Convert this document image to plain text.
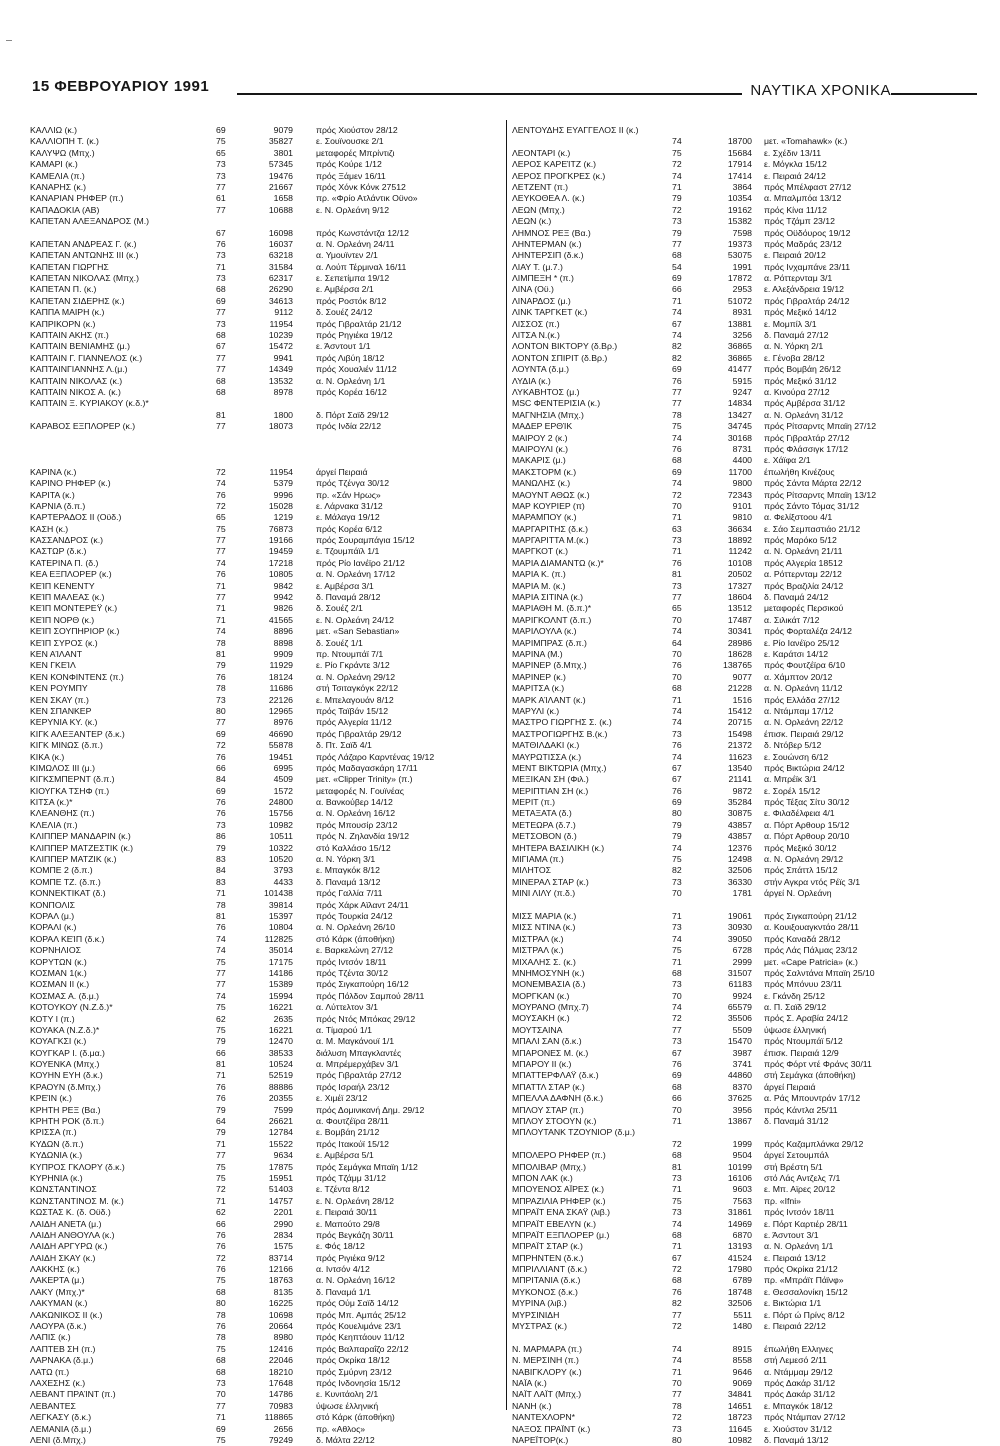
15 ΦΕΒΡΟΥΑΡΙΟΥ 1991	ΝΑΥΤΙΚΑ ΧΡΟΝΙΚΑ
ΚΑΛΛΙΩ (κ.)	69	9079	πρός Χιούστον 28/12
ΚΑΛΛΙΟΠΗ Τ. (κ.)	75	35827	ε. Σουϊνουσκε 2/1
ΚΑΛΥΨΩ (Μπχ.)	65	3801	μεταφορές Μπρίντιζι
ΚΑΜΑΡΙ (κ.)	73	57345	πρός Κούρε 1/12
ΚΑΜΕΛΙΑ (π.)	73	19476	πρός Ξάμεν 16/11
ΚΑΝΑΡΗΣ (κ.)	77	21667	πρός Χόνκ Κόνκ 27512
ΚΑΝΑΡΙΑΝ ΡΗΦΕΡ (π.)	61	1658	πρ. «Φρίο Ατλάντικ Οϋνο»
ΚΑΠΑΔΟΚΙΑ (ΑΒ)	77	10688	ε. Ν. Ορλεάνη 9/12
ΚΑΠΕΤΑΝ ΑΛΕΞΑΝΔΡΟΣ (Μ.)
67	16098	πρός Κωνστάντζα 12/12
ΚΑΠΕΤΑΝ ΑΝΔΡΕΑΣ Γ. (κ.)	76	16037	α. Ν. Ορλεάνη 24/11
ΚΑΠΕΤΑΝ ΑΝΤΩΝΗΣ ΙΙΙ (κ.)	73	63218	α. Υμουϊντεν 2/1
ΚΑΠΕΤΑΝ ΓΙΩΡΓΗΣ	71	31584	α. Λούπ Τέρμιναλ 16/11
ΚΑΠΕΤΑΝ ΝΙΚΟΛΑΣ (Μπχ.)	73	62317	ε. Σεπετίμπα 19/12
ΚΑΠΕΤΑΝ Π. (κ.)	68	26290	ε. Αμβέρσα 2/1
ΚΑΠΕΤΑΝ ΣΙΔΕΡΗΣ (κ.)	69	34613	πρός Ροστόκ 8/12
ΚΑΠΠΑ ΜΑΙΡΗ (κ.)	77	9112	δ. Σουέζ 24/12
ΚΑΠΡΙΚΟΡΝ (κ.)	73	11954	πρός Γιβραλτάρ 21/12
ΚΑΠΤΑΙΝ ΑΚΗΣ (π.)	68	10239	πρός Ρηγιέκα 19/12
ΚΑΠΤΑΙΝ ΒΕΝΙΑΜΗΣ (μ.)	67	15472	ε. Άσντουτ 1/1
ΚΑΠΤΑΙΝ Γ. ΓΙΑΝΝΕΛΟΣ (κ.)	77	9941	πρός Λιβύη 18/12
ΚΑΠΤΑΙΝΓΙΑΝΝΗΣ Λ.(μ.)	77	14349	πρός Χουαλιέν 11/12
ΚΑΠΤΑΙΝ ΝΙΚΟΛΑΣ (κ.)	68	13532	α. Ν. Ορλεάνη 1/1
ΚΑΠΤΑΙΝ ΝΙΚΟΣ Α. (κ.)	68	8978	πρός Κορέα 16/12
ΚΑΠΤΑΙΝ Ξ. ΚΥΡΙΑΚΟΥ (κ.δ.)*
81	1800	δ. Πόρτ Σαϊδ 29/12
ΚΑΡΑΒΟΣ ΕΞΠΛΟΡΕΡ (κ.)	77	18073	πρός Ινδία 22/12
ΚΑΡΙΝΑ (κ.)	72	11954	άργεί Πειραιά
ΚΑΡΙΝΟ ΡΗΦΕΡ (κ.)	74	5379	πρός Τζένγα 30/12
ΚΑΡΙΤΑ (κ.)	76	9996	πρ. «Σάν Ηρως»
ΚΑΡΝΙΑ (δ.π.)	72	15028	ε. Λάρνακα 31/12
ΚΑΡΤΕΡΑΔΟΣ ΙΙ (Οϋδ.)	65	1219	ε. Μάλαγα 19/12
ΚΑΣΗ (κ.)	75	76873	πρός Κορέα 6/12
ΚΑΣΣΑΝΔΡΟΣ (κ.)	77	19166	πρός Σουραμπάγια 15/12
ΚΑΣΤΩΡ (δ.κ.)	77	19459	ε. Τζουμπάϊλ 1/1
ΚΑΤΕΡΙΝΑ Π. (δ.)	74	17218	πρός Ρίο Ιανέϊρο 21/12
ΚΕΑ ΕΞΠΛΟΡΕΡ (κ.)	76	10805	α. Ν. Ορλεάνη 17/12
ΚΕΊΠ ΚΕΝΕΝΤΥ	71	9842	ε. Αμβέρσα 3/1
ΚΕΊΠ ΜΑΛΕΑΣ (κ.)	77	9942	δ. Παναμά 28/12
ΚΕΊΠ ΜΟΝΤΕΡΕΫ (κ.)	71	9826	δ. Σουέζ 2/1
ΚΕΊΠ ΝΟΡΘ (κ.)	71	41565	ε. Ν. Ορλεάνη 24/12
ΚΕΊΠ ΣΟΥΠΗΡΙΟΡ (κ.)	74	8896	μετ. «San Sebastian»
ΚΕΊΠ ΣΥΡΟΣ (κ.)	78	8898	δ. Σουέζ 1/1
ΚΕΝ ΑΊΛΑΝΤ	81	9909	πρ. Ντουμπάϊ 7/1
ΚΕΝ ΓΚΕΊΛ	79	11929	ε. Ρίο Γκράντε 3/12
ΚΕΝ ΚΟΝΦΙΝΤΕΝΣ (π.)	76	18124	α. Ν. Ορλεάνη 29/12
ΚΕΝ ΡΟΥΜΠΥ	78	11686	στή Τσιταγκόγκ 22/12
ΚΕΝ ΣΚΑΥ (π.)	73	22126	ε. Μπελαγουάν 8/12
ΚΕΝ ΣΠΑΝΚΕΡ	80	12965	πρός Ταϊβάν 15/12
ΚΕΡΥΝΙΑ ΚΥ. (κ.)	77	8976	πρός Αλγερία 11/12
ΚΙΓΚ ΑΛΕΞΑΝΤΕΡ (δ.κ.)	69	46690	πρός Γιβραλτάρ 29/12
ΚΙΓΚ ΜΙΝΩΣ (δ.π.)	72	55878	δ. Πτ. Σαϊδ 4/1
ΚΙΚΑ (κ.)	76	19451	πρός Λάζαρο Καρντένας 19/12
ΚΙΜΩΛΟΣ ΙΙΙ (μ.)	66	6995	πρός Μαδαγασκάρη 17/11
ΚΙΓΚΣΜΠΕΡΝΤ (δ.π.)	84	4509	μετ. «Clipper Trinity» (π.)
ΚΙΟΥΓΚΑ ΤΣΗΦ (π.)	69	1572	μεταφορές Ν. Γουϊνέας
ΚΙΤΣΑ (κ.)*	76	24800	α. Βανκούβερ 14/12
ΚΛΕΑΝΘΗΣ (π.)	76	15756	α. Ν. Ορλεάνη 16/12
ΚΛΕΛΙΑ (π.)	73	10982	πρός Μπουσίρ 23/12
ΚΛΙΠΠΕΡ ΜΑΝΔΑΡΙΝ (κ.)	86	10511	πρός Ν. Ζηλανδία 19/12
ΚΛΙΠΠΕΡ ΜΑΤΖΕΣΤΙΚ (κ.)	79	10322	στό Καλλάσο 15/12
ΚΛΙΠΠΕΡ ΜΑΤΖΙΚ (κ.)	83	10520	α. Ν. Υόρκη 3/1
ΚΟΜΠΕ 2 (δ.π.)	84	3793	ε. Μπαγκόκ 8/12
ΚΟΜΠΕ ΤΖ. (δ.π.)	83	4433	δ. Παναμά 13/12
ΚΟΝΝΕΚΤΙΚΑΤ (δ.)	71	101438	πρός Γαλλία 7/11
ΚΟΝΠΟΛΙΣ	78	39814	πρός Χάρκ Αϊλαντ 24/11
ΚΟΡΑΛ (μ.)	81	15397	πρός Τουρκία 24/12
ΚΟΡΑΛΙ (κ.)	76	10804	α. Ν. Ορλεάνη 26/10
ΚΟΡΑΛ ΚΕΊΠ (δ.κ.)	74	112825	στό Κάρκ (άποθήκη)
ΚΟΡΝΗΛΙΟΣ	74	35014	ε. Βαρκελώνη 27/12
ΚΟΡΥΤΩΝ (κ.)	75	17175	πρός Ιντσόν 18/11
ΚΟΣΜΑΝ 1(κ.)	77	14186	πρός Τζέντα 30/12
ΚΟΣΜΑΝ ΙΙ (κ.)	77	15389	πρός Σιγκαπούρη 16/12
ΚΟΣΜΑΣ Α. (δ.μ.)	74	15994	πρός Πόλδον Σαμπού 28/11
ΚΟΤΟΥΚΟΥ (Ν.Ζ.δ.)*	75	16221	α. Λύττελτον 3/1
ΚΟΤΥ Ι (π.)	62	2635	πρός Ντός Μπόκας 29/12
ΚΟΥΑΚΑ (Ν.Ζ.δ.)*	75	16221	α. Τίμαρού 1/1
ΚΟΥΑΓΚΣΙ (κ.)	79	12470	α. Μ. Μαγκάνουϊ 1/1
ΚΟΥΓΚΑΡ Ι. (δ.μα.)	66	38533	διάλυση Μπαγκλαντές
ΚΟΥΕΝΚΑ (Μπχ.)	81	10524	α. Μπρέμερχάβεν 3/1
ΚΟΥΗΝ ΕΥΗ (δ.κ.)	71	52519	πρός Γιβραλτάρ 27/12
ΚΡΑΟΥΝ (δ.Μπχ.)	76	88886	πρός Ισραήλ 23/12
ΚΡΕΊΝ (κ.)	76	20355	ε. Χιμέϊ 23/12
ΚΡΗΤΗ ΡΕΞ (Βα.)	79	7599	πρός Δομινικανή Δημ. 29/12
ΚΡΗΤΗ ΡΟΚ (δ.π.)	64	26621	α. Φουτζέϊρα 28/11
ΚΡΙΣΣΑ (π.)	79	12784	ε. Βομβάη 21/12
ΚΥΔΩΝ (δ.π.)	71	15522	πρός Ιτακούϊ 15/12
ΚΥΔΩΝΙΑ (κ.)	77	9634	ε. Αμβέρσα 5/1
ΚΥΠΡΟΣ ΓΚΛΟΡΥ (δ.κ.)	75	17875	πρός Σεμάγκα Μπαϊη 1/12
ΚΥΡΗΝΙΑ (κ.)	75	15951	πρός Τζάμμ 31/12
ΚΩΝΣΤΑΝΤΙΝΟΣ	72	51403	ε. Τζέντα 8/12
ΚΩΝΣΤΑΝΤΙΝΟΣ Μ. (κ.)	71	14757	ε. Ν. Ορλεάνη 28/12
ΚΩΣΤΑΣ Κ. (δ. Οϋδ.)	62	2201	ε. Πειραιά 30/11
ΛΑΙΔΗ ΑΝΕΤΑ (μ.)	66	2990	ε. Μαπούτο 29/8
ΛΑΙΔΗ ΑΝΘΟΥΛΑ (κ.)	76	2834	πρός Βεγκάζη 30/11
ΛΑΙΔΗ ΑΡΓΥΡΩ (κ.)	76	1575	ε. Φός 18/12
ΛΑΙΔΗ ΣΚΑΥ (κ.)	72	83714	πρός Ριγιέκα 9/12
ΛΑΚΚΗΣ (κ.)	76	12166	α. Ιντσόν 4/12
ΛΑΚΕΡΤΑ (μ.)	75	18763	α. Ν. Ορλεάνη 16/12
ΛΑΚΥ (Μπχ.)*	68	8135	δ. Παναμά 1/1
ΛΑΚΥΜΑΝ (κ.)	80	16225	πρός Ούμ Σαϊδ 14/12
ΛΑΚΩΝΙΚΟΣ ΙΙ (κ.)	78	10698	πρός Μπ. Αμπάς 25/12
ΛΑΟΥΡΑ (δ.κ.)	76	20664	πρός Κουελιμάνε 23/1
ΛΑΠΙΣ (κ.)	78	8980	πρός Κεηπτάουν 11/12
ΛΑΠΤΕΒ ΣΗ (π.)	75	12416	πρός Βαλπαραΐζο 22/12
ΛΑΡΝΑΚΑ (δ.μ.)	68	22046	πρός Οκρίκα 18/12
ΛΑΤΩ (π.)	68	18210	πρός Σμύρνη 23/12
ΛΑΧΕΣΗΣ (κ.)	73	17648	πρός Ινδονησία 15/12
ΛΕΒΑΝΤ ΠΡΑΊΝΤ (π.)	70	14786	ε. Κυνιτάολη 2/1
ΛΕΒΑΝΤΕΣ	77	70983	ύψωσε έλληνική
ΛΕΓΚΑΣΥ (δ.κ.)	71	118865	στό Κάρκ (άποθήκη)
ΛΕΜΑΝΙΑ (δ.μ.)	69	2656	πρ. «Αθλος»
ΛΕΝΙ (δ.Μπχ.)	75	79249	δ. Μάλτα 22/12
ΛΕΝΤΟΥΔΗΣ ΕΥΑΓΓΕΛΟΣ ΙΙ (κ.)
74	18700 μετ. «Tomahawk» (κ.)
ΛΕΟΝΤΑΡΙ (κ.)	75	15684 ε. Σχέδιν 13/11
ΛΕΡΟΣ ΚΑΡΕΊΤΖ (κ.)	72	17914 ε. Μόγκλα 15/12
ΛΕΡΟΣ ΠΡΟΓΚΡΕΣ (κ.)	74	17414 ε. Πειραιά 24/12
ΛΕΤΖΕΝΤ (π.)	71	3864 πρός Μπέλφαστ 27/12
ΛΕΥΚΟΘΕΑ Λ. (κ.)	79	10354 α. Μπαλμπόα 13/12
ΛΕΩΝ (Μπχ.)	72	19162 πρός Κίνα 11/12
ΛΕΩΝ (κ.)	73	15382 πρός Τζάμπ 23/12
ΛΗΜΝΟΣ ΡΕΞ (Βα.)	79	7598 πρός Οϋδόυρος 19/12
ΛΗΝΤΕΡΜΑΝ (κ.)	77	19373 πρός Μαδράς 23/12
ΛΗΝΤΕΡΣΙΠ (δ.κ.)	68	53075 ε. Πειραιά 20/12
ΛΙΑΥ Τ. (μ.7.)	54	1991 πρός Ινχαμπάνε 23/11
ΛΙΜΠΕΞΗ * (π.)	69	17872 α. Ρόττερνταμ 3/1
ΛΙΝΑ (Οϋ.)	66	2953 ε. Αλεξάνδρεια 19/12
ΛΙΝΑΡΔΟΣ (μ.)	71	51072 πρός Γιβραλτάρ 24/12
ΛΙΝΚ ΤΑΡΓΚΕΤ (κ.)	74	8931 πρός Μεξικό 14/12
ΛΙΣΣΟΣ (π.)	67	13881 ε. Μομπίλ 3/1
ΛΙΤΣΑ Ν.(κ.)	74	3256 δ. Παναμά 27/12
ΛΟΝΤΟΝ ΒΙΚΤΟΡΥ (δ.Βρ.)	82	36865 α. Ν. Υόρκη 2/1
ΛΟΝΤΟΝ ΣΠΙΡΙΤ (δ.Βρ.)	82	36865 ε. Γένοβα 28/12
ΛΟΥΝΤΑ (δ.μ.)	69	41477 πρός Βομβάη 26/12
ΛΥΔΙΑ (κ.)	76	5915 πρός Μεξικό 31/12
ΛΥΚΑΒΗΤΟΣ (μ.)	77	9247 α. Κινούρα 27/12
MSC ΦΕΝΤΕΡΙΣΙΑ (κ.)	77	14834 πρός Αμβέρσα 31/12
ΜΑΓΝΗΣΙΑ (Μπχ.)	78	13427 α. Ν. Ορλεάνη 31/12
ΜΑΔΕΡ ΕΡΘΊΚ	75	34745 πρός Ρίτσαρντς Μπαϊη 27/12
ΜΑΙΡΟΥ 2 (κ.)	74	30168 πρός Γιβραλτάρ 27/12
ΜΑΙΡΟΥΛΙ (κ.)	76	8731 πρός Φλάσσιγκ 17/12
ΜΑΚΑΡΙΣ (μ.)	68	4400 ε. Χάϊφα 2/1
ΜΑΚΣΤΟΡΜ (κ.)	69	11700 έπωλήθη Κινέζους
ΜΑΝΩΛΗΣ (κ.)	74	9800 πρός Σάντα Μάρτα 22/12
ΜΑΟΥΝΤ ΑΘΩΣ (κ.)	72	72343 πρός Ρίτσαρντς Μπαϊη 13/12
ΜΑΡ ΚΟΥΡΙΕΡ (π)	70	9101 πρός Σάντο Τόμας 31/12
ΜΑΡΑΜΠΟΥ (κ.)	71	9810 α. Φελίξστοου 4/1
ΜΑΡΓΑΡΙΤΗΣ (δ.κ.)	63	36634 ε. Σάο Σεμπαστιάο 21/12
ΜΑΡΓΑΡΙΤΤΑ Μ.(κ.)	73	18892 πρός Μαρόκο 5/12
ΜΑΡΓΚΟΤ (κ.)	71	11242 α. Ν. Ορλεάνη 21/11
ΜΑΡΙΑ ΔΙΑΜΑΝΤΩ (κ.)*	76	10108 πρός Αλγερία 18512
ΜΑΡΙΑ Κ. (π.)	81	20502 α. Ρόττερνταμ 22/12
ΜΑΡΙΑ Μ. (κ.)	73	17327 πρός Βραζιλία 24/12
ΜΑΡΙΑ ΣΙΤΙΝΑ (κ.)	77	18604 δ. Παναμά 24/12
ΜΑΡΙΑΘΗ Μ. (δ.π.)*	65	13512 μεταφορές Περσικού
ΜΑΡΙΓΚΟΛΝΤ (δ.π.)	70	17487 α. Σιλικάτ 7/12
ΜΑΡΙΛΟΥΛΑ (κ.)	74	30341 πρός Φορταλέζα 24/12
ΜΑΡΙΜΠΡΑΣ (δ.π.)	64	28986 ε. Ρίο Ιανέϊρο 25/12
ΜΑΡΙΝΑ (Μ.)	70	18628 ε. Καράτσι 14/12
ΜΑΡΙΝΕΡ (δ.Μπχ.)	76	138765 πρός Φουτζέϊρα 6/10
ΜΑΡΙΝΕΡ (κ.)	70	9077 α. Χάμπτον 20/12
ΜΑΡΙΤΣΑ (κ.)	68	21228 α. Ν. Ορλεάνη 11/12
ΜΑΡΚ ΑΊΛΑΝΤ (κ.)	71	1516 πρός Ελλάδα 27/12
ΜΑΡΥΛΙ (κ.)	74	15412 α. Ντάμπαμ 17/12
ΜΑΣΤΡΟ ΓΙΩΡΓΗΣ Σ. (κ.)	74	20715 α. Ν. Ορλεάνη 22/12
ΜΑΣΤΡΟΓΙΩΡΓΗΣ Β.(κ.)	73	15498 έπισκ. Πειραιά 29/12
ΜΑΤΘΙΛΔΑΚΙ (κ.)	76	21372 δ. Ντόβερ 5/12
ΜΑΥΡΩΤΙΣΣΑ (κ.)	74	11623 ε. Σουώνση 6/12
ΜΕΝΤ ΒΙΚΤΩΡΙΑ (Μπχ.)	67	13540 πρός Βικτώρια 24/12
ΜΕΞΙΚΑΝ ΣΗ (Φιλ.)	67	21141 α. Μπρέϊκ 3/1
ΜΕΡΙΠΤΙΑΝ ΣΗ (κ.)	76	9872 ε. Σορέλ 15/12
ΜΕΡΙΤ (π.)	69	35284 πρός Τέξας Σίτυ 30/12
ΜΕΤΑΞΑΤΑ (δ.)	80	30875 ε. Φιλαδέλφεια 4/1
ΜΕΤΕΩΡΑ (δ.7.)	79	43857 α. Πόρτ Αρθουρ 15/12
ΜΕΤΣΟΒΟΝ (δ.)	79	43857 α. Πόρτ Αρθουρ 20/10
ΜΗΤΕΡΑ ΒΑΣΙΛΙΚΗ (κ.)	74	12376 πρός Μεξικό 30/12
ΜΙΓΙΑΜΑ (π.)	75	12498 α. Ν. Ορλεάνη 29/12
ΜΙΛΗΤΟΣ	82	32506 πρός Σπάττλ 15/12
ΜΙΝΕΡΑΛ ΣΤΑΡ (κ.)	73	36330 στήν Αγκρα ντός Ρέϊς 3/1
ΜΙΝΙ ΛΙΛΥ (π.δ.)	70	1781 άργεί Ν. Ορλεάνη
ΜΙΣΣ ΜΑΡΙΑ (κ.)	71	19061 πρός Σιγκαπούρη 21/12
ΜΙΣΣ ΝΤΙΝΑ (κ.)	73	30930 α. Κουιξουαγκντάο 28/11
ΜΙΣΤΡΑΛ (κ.)	74	39050 πρός Καναδά 28/12
ΜΙΣΤΡΑΛ (κ.)	75	6728 πρός Λάς Πάλμας 23/12
ΜΙΧΑΛΗΣ Σ. (κ.)	71	2999 μετ. «Cape Patricia» (κ.)
ΜΝΗΜΟΣΥΝΗ (κ.)	68	31507 πρός Σαλντάνα Μπαϊη 25/10
ΜΟΝΕΜΒΑΣΙΑ (δ.)	73	61183 πρός Μπόνυυ 23/11
ΜΟΡΓΚΑΝ (κ.)	70	9924 ε. Γκάνδη 25/12
ΜΟΥΡΑΝΟ (Μπχ.7)	74	65579 α. Π. Σαϊδ 29/12
ΜΟΥΣΑΚΗ (κ.)	72	35506 πρός Σ. Αραβία 24/12
ΜΟΥΤΣΑΙΝΑ	77	5509 ύψωσε έλληνική
ΜΠΑΛΙ ΣΑΝ (δ.κ.)	73	15470 πρός Ντουμπάϊ 5/12
ΜΠΑΡΟΝΕΣ Μ. (κ.)	67	3987 έπισκ. Πειραιά 12/9
ΜΠΑΡΟΥ ΙΙ (κ.)	76	3741 πρός Φόρτ ντέ Φράνς 30/11
ΜΠΑΤΤΕΡΦΛΑΫ (δ.κ.)	69	44860 στή Σεμάγκα (άποθήκη)
ΜΠΑΤΤΛ ΣΤΑΡ (κ.)	68	8370 άργεί Πειραιά
ΜΠΕΛΛΑ ΔΑΦΝΗ (δ.κ.)	66	37625 α. Ράς Μπουντράν 17/12
ΜΠΛΟΥ ΣΤΑΡ (π.)	70	3956 πρός Κάντλα 25/11
ΜΠΛΟΥ ΣΤΟΟΥΝ (κ.)	71	13867 δ. Παναμά 31/12
ΜΠΛΟΥΤΑΝΚ ΤΖΟΥΝΙΟΡ (δ.μ.)
72	1999 πρός Καζαμπλάνκα 29/12
ΜΠΟΛΕΡΟ ΡΗΦΕΡ (π.)	68	9504 άργεί Σετουμπάλ
ΜΠΟΛΙΒΑΡ (Μπχ.)	81	10199 στή Βρέστη 5/1
ΜΠΟΝ ΛΑΚ (κ.)	73	16106 στό Λάς Αντζελς 7/1
ΜΠΟΥΕΝΟΣ ΑΪΡΕΣ (κ.)	71	9603 ε. Μπ. Αϊρες 20/12
ΜΠΡΑΖΙΛΙΑ ΡΗΦΕΡ (κ.)	75	7563 πρ. «Ifni»
ΜΠΡΑΪΤ ΕΝΑ ΣΚΑΫ (λιβ.)	73	31861 πρός Ιντσόν 18/11
ΜΠΡΑΪΤ ΕΒΕΛΥΝ (κ.)	74	14969 ε. Πόρτ Καρτιέρ 28/11
ΜΠΡΑΪΤ ΕΞΠΛΟΡΕΡ (μ.)	68	6870 ε. Άσντουτ 3/1
ΜΠΡΑΪΤ ΣΤΑΡ (κ.)	71	13193 α. Ν. Ορλεάνη 1/1
ΜΠΡΗΝΤΕΝ (δ.κ.)	67	41524 ε. Πειραιά 13/12
ΜΠΡΙΛΛΙΑΝΤ (δ.κ.)	72	17980 πρός Οκρίκα 21/12
ΜΠΡΙΤΑΝΙΑ (δ.κ.)	68	6789 πρ. «Μπράϊτ Πάϊνφ»
ΜΥΚΟΝΟΣ (δ.κ.)	76	18748 ε. Θεσσαλονίκη 15/12
ΜΥΡΙΝΑ (λιβ.)	82	32506 ε. Βικτώρια 1/1
ΜΥΡΣΙΝΙΔΗ	77	5511 ε. Πόρτ ώ Πρίνς 8/12
ΜΥΣΤΡΑΣ (κ.)	72	1480 ε. Πειραιά 22/12
Ν. ΜΑΡΜΑΡΑ (π.)	74	8915 έπωλήθη Ελληνες
Ν. ΜΕΡΣΙΝΗ (π.)	74	8558 στή Λεμεσό 2/11
ΝΑΒΙΓΚΛΟΡΥ (κ.)	71	9646 α. Ντάμμαμ 29/12
ΝΑΪΑ (κ.)	70	9069 πρός Δακάρ 31/12
ΝΑΪΤ ΛΑΪΤ (Μπχ.)	77	34841 πρός Δακάρ 31/12
ΝΑΝΗ (κ.)	78	14651 ε. Μπαγκόκ 18/12
ΝΑΝΤΕΧΛΟΡΝ*	72	18723 πρός Ντάμπαν 27/12
ΝΑΞΟΣ ΠΡΑΪΝΤ (κ.)	73	11645 ε. Χιούστον 31/12
ΝΑΡΕΪΤΟΡ(κ.)	80	10982 δ. Παναμά 13/12
